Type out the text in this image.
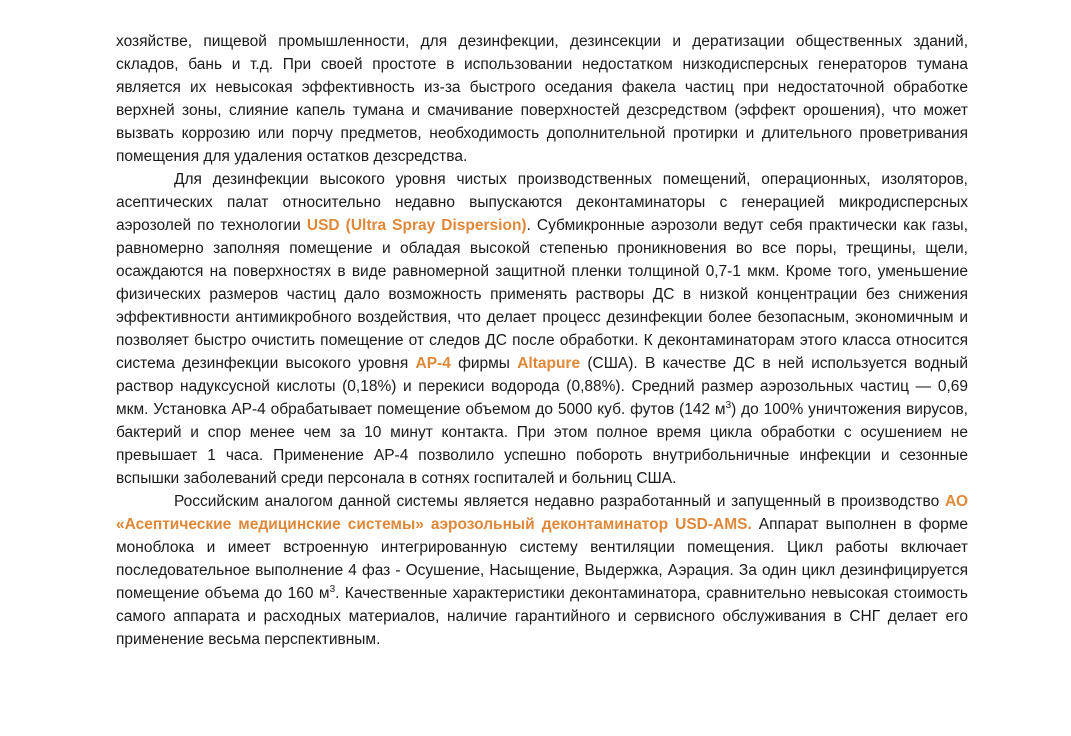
хозяйстве, пищевой промышленности, для дезинфекции, дезинсекции и дератизации общественных зданий, складов, бань и т.д. При своей простоте в использовании недостатком низкодисперсных генераторов тумана является их невысокая эффективность из-за быстрого оседания факела частиц при недостаточной обработке верхней зоны, слияние капель тумана и смачивание поверхностей дезсредством (эффект орошения), что может вызвать коррозию или порчу предметов, необходимость дополнительной протирки и длительного проветривания помещения для удаления остатков дезсредства.

Для дезинфекции высокого уровня чистых производственных помещений, операционных, изоляторов, асептических палат относительно недавно выпускаются деконтаминаторы с генерацией микродисперсных аэрозолей по технологии USD (Ultra Spray Dispersion). Субмикронные аэрозоли ведут себя практически как газы, равномерно заполняя помещение и обладая высокой степенью проникновения во все поры, трещины, щели, осаждаются на поверхностях в виде равномерной защитной пленки толщиной 0,7-1 мкм. Кроме того, уменьшение физических размеров частиц дало возможность применять растворы ДС в низкой концентрации без снижения эффективности антимикробного воздействия, что делает процесс дезинфекции более безопасным, экономичным и позволяет быстро очистить помещение от следов ДС после обработки. К деконтаминаторам этого класса относится система дезинфекции высокого уровня AP-4 фирмы Altapure (США). В качестве ДС в ней используется водный раствор надуксусной кислоты (0,18%) и перекиси водорода (0,88%). Средний размер аэрозольных частиц — 0,69 мкм. Установка АР-4 обрабатывает помещение объемом до 5000 куб. футов (142 $м^3$) до 100% уничтожения вирусов, бактерий и спор менее чем за 10 минут контакта. При этом полное время цикла обработки с осушением не превышает 1 часа. Применение АР-4 позволило успешно побороть внутрибольничные инфекции и сезонные вспышки заболеваний среди персонала в сотнях госпиталей и больниц США.

Российским аналогом данной системы является недавно разработанный и запущенный в производство АО «Асептические медицинские системы» аэрозольный деконтаминатор USD-AMS. Аппарат выполнен в форме моноблока и имеет встроенную интегрированную систему вентиляции помещения. Цикл работы включает последовательное выполнение 4 фаз - Осушение, Насыщение, Выдержка, Аэрация. За один цикл дезинфицируется помещение объема до 160 $м^3$. Качественные характеристики деконтаминатора, сравнительно невысокая стоимость самого аппарата и расходных материалов, наличие гарантийного и сервисного обслуживания в СНГ делает его применение весьма перспективным.
